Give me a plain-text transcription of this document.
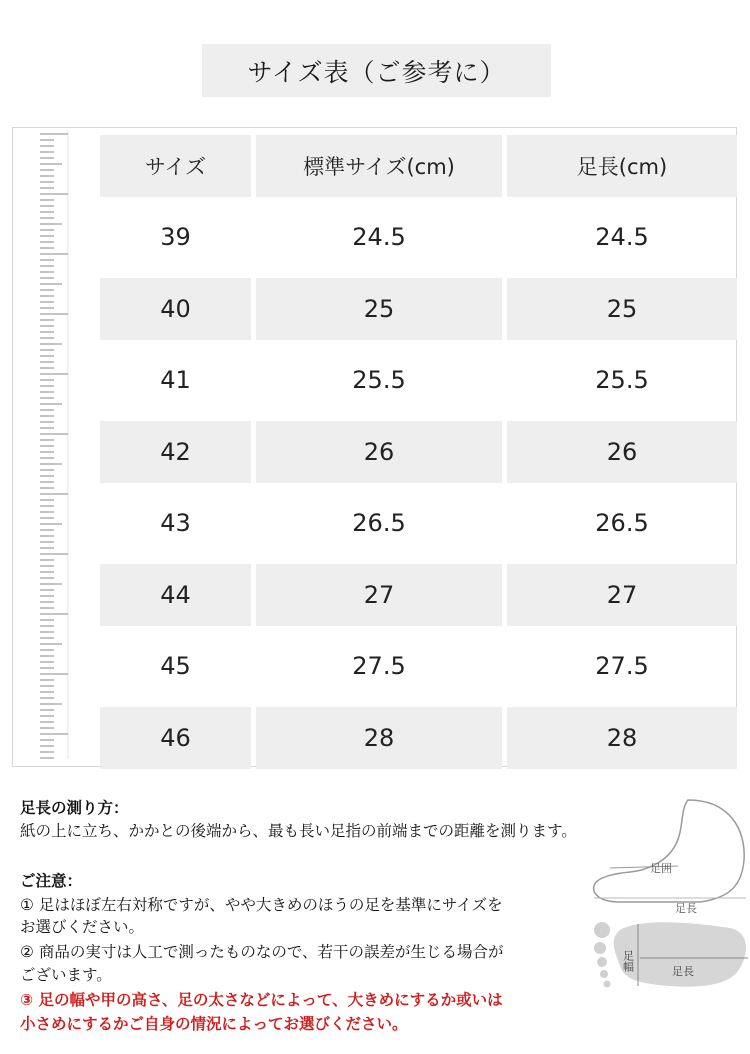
サイズ表（ご参考に）
サイズ	標準サイズ(cm)	足長(cm)
39	24.5	24.5
40	25	25
41	25.5	25.5
42	26	26
43	26.5	26.5
44	27	27
45	27.5	27.5
46	28	28
足長の測り方：
紙の上に立ち、かかとの後端から、最も長い足指の前端までの距離を測ります。
ご注意：
① 足はほぼ左右対称ですが、やや大きめのほうの足を基準にサイズを
お選びください。
② 商品の実寸は人工で測ったものなので、若干の誤差が生じる場合が
ございます。
③ 足の幅や甲の高さ、足の太さなどによって、大きめにするか或いは
小さめにするかご自身の情況によってお選びください。
足囲
足長
足幅	足長
